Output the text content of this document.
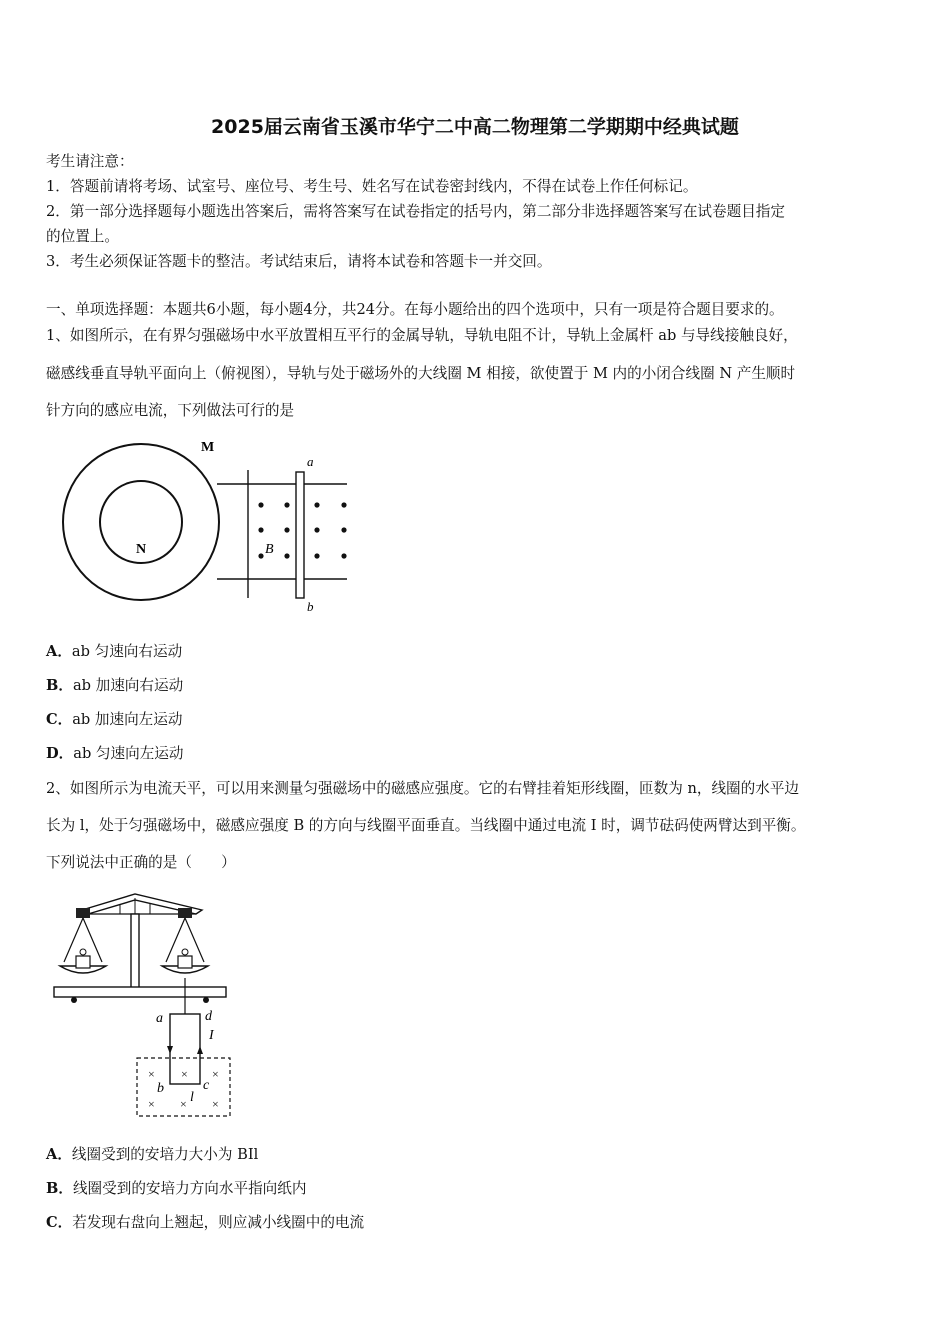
2025届云南省玉溪市华宁二中高二物理第二学期期中经典试题
考生请注意：
1．答题前请将考场、试室号、座位号、考生号、姓名写在试卷密封线内，不得在试卷上作任何标记。
2．第一部分选择题每小题选出答案后，需将答案写在试卷指定的括号内，第二部分非选择题答案写在试卷题目指定
的位置上。
3．考生必须保证答题卡的整洁。考试结束后，请将本试卷和答题卡一并交回。
一、单项选择题：本题共6小题，每小题4分，共24分。在每小题给出的四个选项中，只有一项是符合题目要求的。
1、如图所示，在有界匀强磁场中水平放置相互平行的金属导轨，导轨电阻不计，导轨上金属杆 ab 与导线接触良好，
磁感线垂直导轨平面向上（俯视图），导轨与处于磁场外的大线圈 M 相接，欲使置于 M 内的小闭合线圈 N 产生顺时
针方向的感应电流，下列做法可行的是
M
N	B
a
b
A．ab 匀速向右运动
B．ab 加速向右运动
C．ab 加速向左运动
D．ab 匀速向左运动
2、如图所示为电流天平，可以用来测量匀强磁场中的磁感应强度。它的右臂挂着矩形线圈，匝数为 n，线圈的水平边
长为 l，处于匀强磁场中，磁感应强度 B 的方向与线圈平面垂直。当线圈中通过电流 I 时，调节砝码使两臂达到平衡。
下列说法中正确的是（　　）
× × ×
× × ×
a	d
I
b	c
l
A．线圈受到的安培力大小为 BIl
B．线圈受到的安培力方向水平指向纸内
C．若发现右盘向上翘起，则应减小线圈中的电流
